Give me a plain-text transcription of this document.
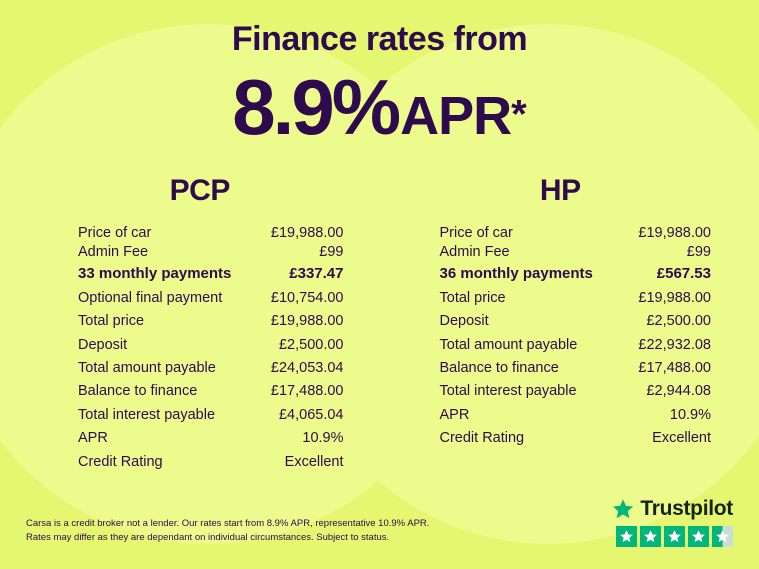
Finance rates from
8.9%APR*
PCP
Price of car	£19,988.00
Admin Fee	£99
33 monthly payments	£337.47
Optional final payment	£10,754.00
Total price	£19,988.00
Deposit	£2,500.00
Total amount payable	£24,053.04
Balance to finance	£17,488.00
Total interest payable	£4,065.04
APR	10.9%
Credit Rating	Excellent
HP
Price of car	£19,988.00
Admin Fee	£99
36 monthly payments	£567.53
Total price	£19,988.00
Deposit	£2,500.00
Total amount payable	£22,932.08
Balance to finance	£17,488.00
Total interest payable	£2,944.08
APR	10.9%
Credit Rating	Excellent
Carsa is a credit broker not a lender. Our rates start from 8.9% APR, representative 10.9% APR.
Rates may differ as they are dependant on individual circumstances. Subject to status.
Trustpilot
